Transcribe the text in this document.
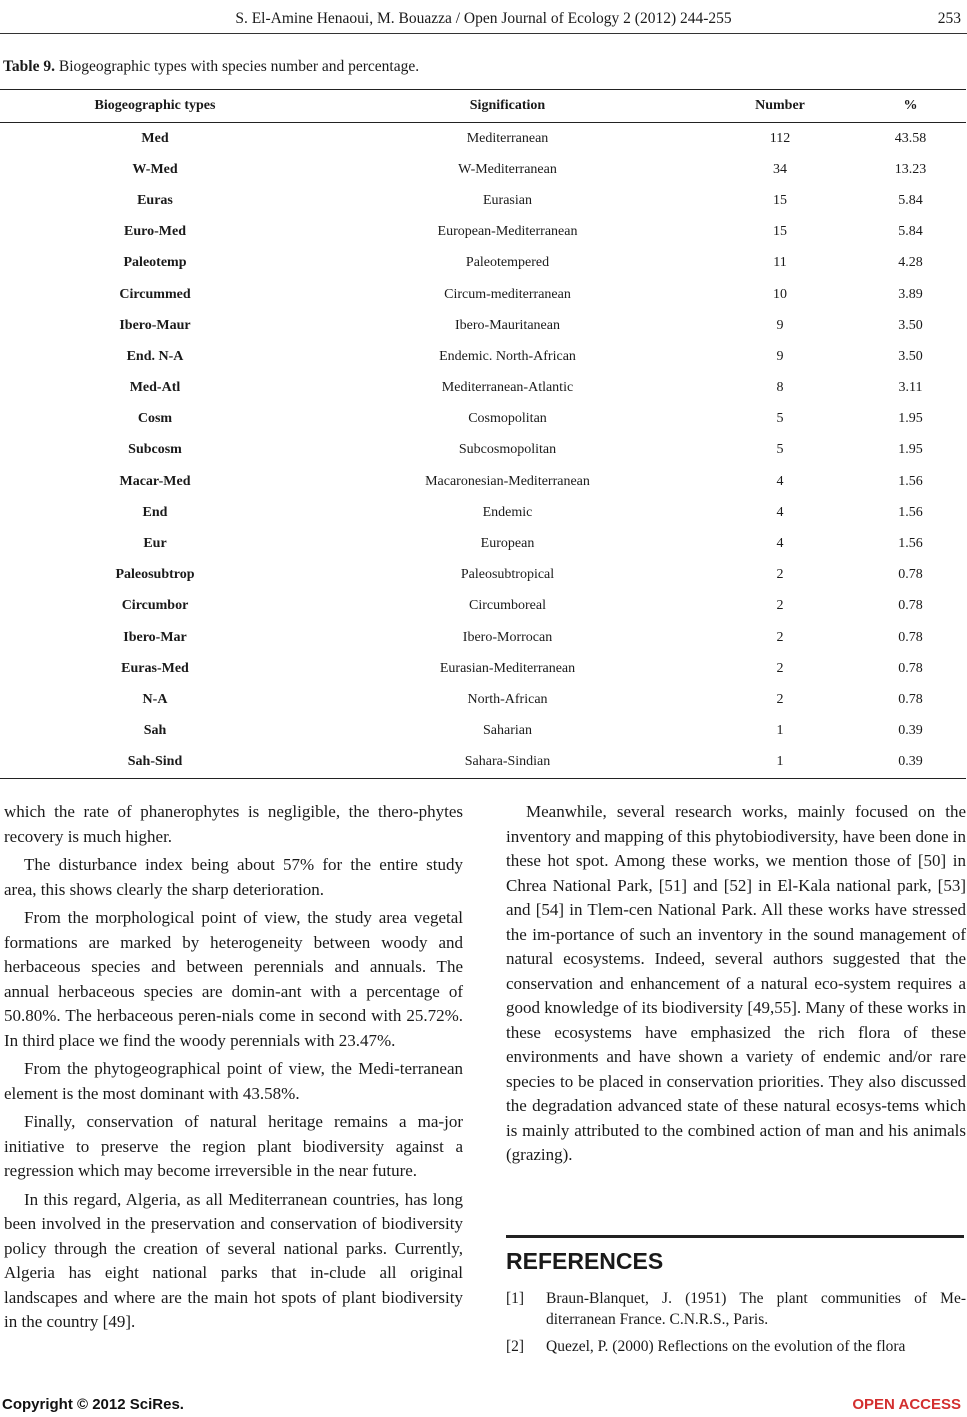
S. El-Amine Henaoui, M. Bouazza / Open Journal of Ecology 2 (2012) 244-255	253
Table 9. Biogeographic types with species number and percentage.
Biogeographic types	Signification	Number	%
Med	Mediterranean	112	43.58
W-Med	W-Mediterranean	34	13.23
Euras	Eurasian	15	5.84
Euro-Med	European-Mediterranean	15	5.84
Paleotemp	Paleotempered	11	4.28
Circummed	Circum-mediterranean	10	3.89
Ibero-Maur	Ibero-Mauritanean	9	3.50
End. N-A	Endemic. North-African	9	3.50
Med-Atl	Mediterranean-Atlantic	8	3.11
Cosm	Cosmopolitan	5	1.95
Subcosm	Subcosmopolitan	5	1.95
Macar-Med	Macaronesian-Mediterranean	4	1.56
End	Endemic	4	1.56
Eur	European	4	1.56
Paleosubtrop	Paleosubtropical	2	0.78
Circumbor	Circumboreal	2	0.78
Ibero-Mar	Ibero-Morrocan	2	0.78
Euras-Med	Eurasian-Mediterranean	2	0.78
N-A	North-African	2	0.78
Sah	Saharian	1	0.39
Sah-Sind	Sahara-Sindian	1	0.39

which the rate of phanerophytes is negligible, the thero-phytes recovery is much higher.

The disturbance index being about 57% for the entire study area, this shows clearly the sharp deterioration.

From the morphological point of view, the study area vegetal formations are marked by heterogeneity between woody and herbaceous species and between perennials and annuals. The annual herbaceous species are domin-ant with a percentage of 50.80%. The herbaceous peren-nials come in second with 25.72%. In third place we find the woody perennials with 23.47%.

From the phytogeographical point of view, the Medi-terranean element is the most dominant with 43.58%.

Finally, conservation of natural heritage remains a ma-jor initiative to preserve the region plant biodiversity against a regression which may become irreversible in the near future.

In this regard, Algeria, as all Mediterranean countries, has long been involved in the preservation and conservation of biodiversity policy through the creation of several national parks. Currently, Algeria has eight national parks that in-clude all original landscapes and where are the main hot spots of plant biodiversity in the country [49].

Meanwhile, several research works, mainly focused on the inventory and mapping of this phytobiodiversity, have been done in these hot spot. Among these works, we mention those of [50] in Chrea National Park, [51] and [52] in El-Kala national park, [53] and [54] in Tlem-cen National Park. All these works have stressed the im-portance of such an inventory in the sound management of natural ecosystems. Indeed, several authors suggested that the conservation and enhancement of a natural eco-system requires a good knowledge of its biodiversity [49,55]. Many of these works in these ecosystems have emphasized the rich flora of these environments and have shown a variety of endemic and/or rare species to be placed in conservation priorities. They also discussed the degradation advanced state of these natural ecosys-tems which is mainly attributed to the combined action of man and his animals (grazing).

REFERENCES
[1]	Braun-Blanquet, J. (1951) The plant communities of Me-diterranean France. C.N.R.S., Paris.
[2]	Quezel, P. (2000) Reflections on the evolution of the flora
Copyright © 2012 SciRes.	OPEN ACCESS
